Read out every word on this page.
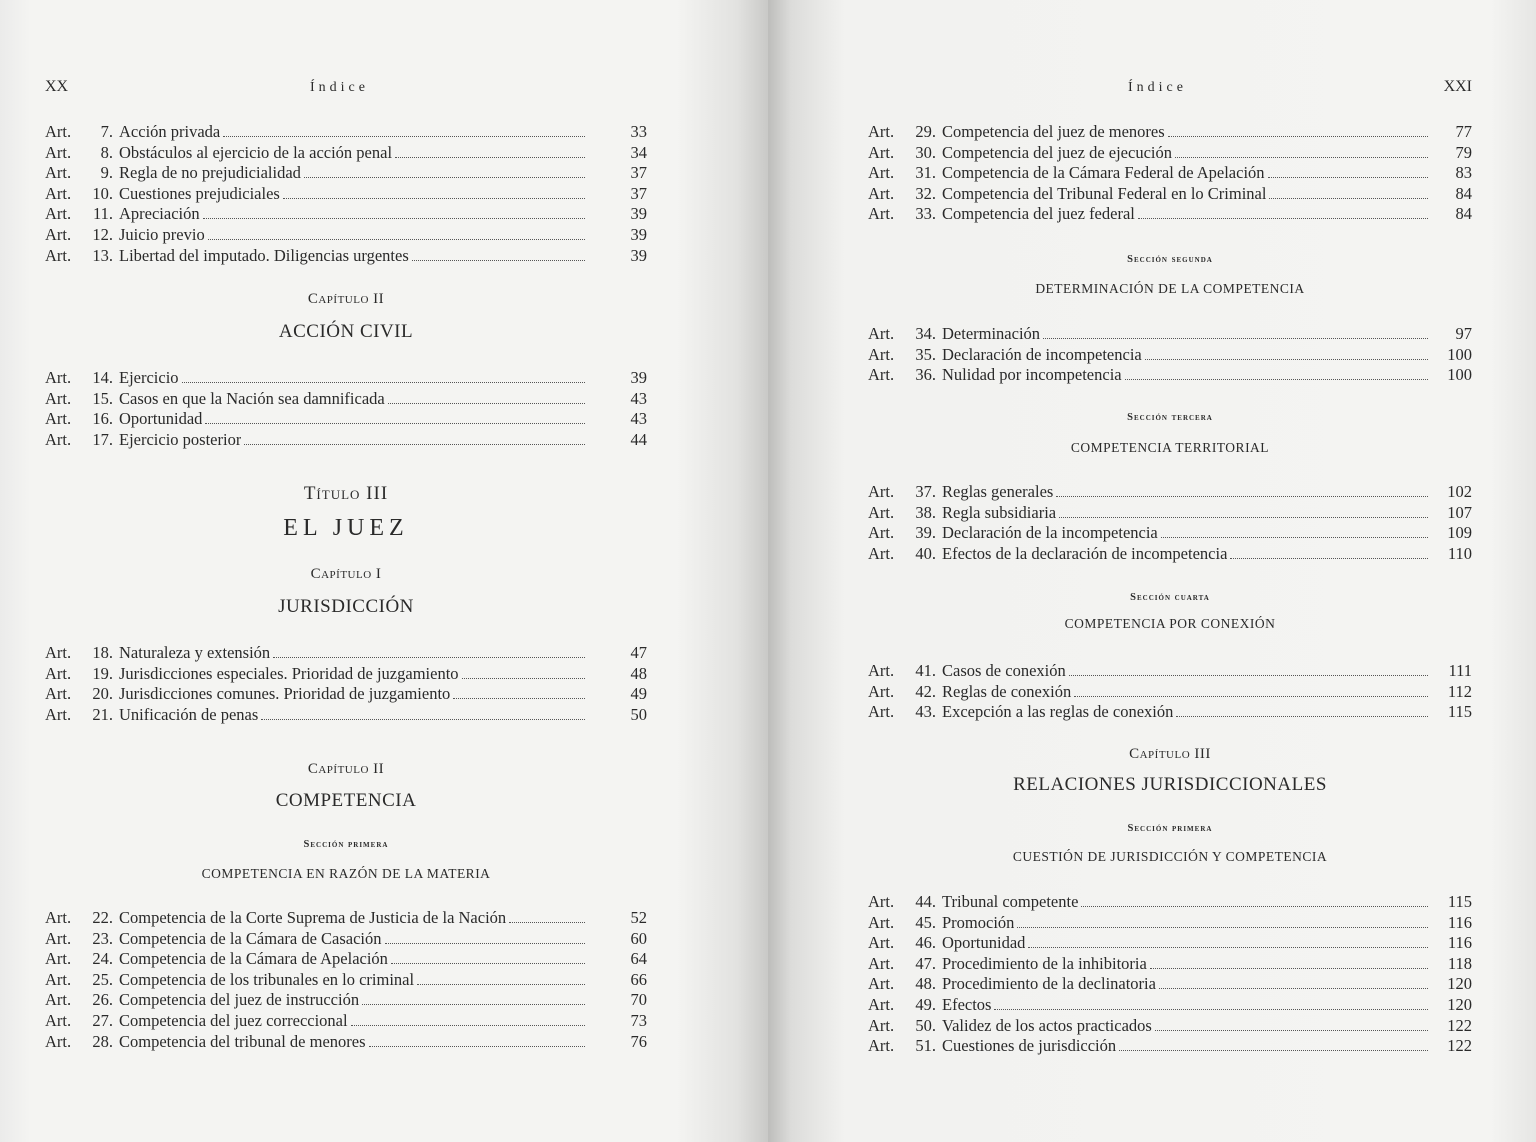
XX	Índice
Art.	7. Acción privada	33
Art.	8. Obstáculos al ejercicio de la acción penal	34
Art.	9. Regla de no prejudicialidad	37
Art.	10. Cuestiones prejudiciales	37
Art.	11. Apreciación	39
Art.	12. Juicio previo	39
Art.	13. Libertad del imputado. Diligencias urgentes	39
Capítulo II
ACCIÓN CIVIL
Art.	14. Ejercicio	39
Art.	15. Casos en que la Nación sea damnificada	43
Art.	16. Oportunidad	43
Art.	17. Ejercicio posterior	44
Título III
EL JUEZ
Capítulo I
JURISDICCIÓN
Art.	18. Naturaleza y extensión	47
Art.	19. Jurisdicciones especiales. Prioridad de juzgamiento	48
Art.	20. Jurisdicciones comunes. Prioridad de juzgamiento	49
Art.	21. Unificación de penas	50
Capítulo II
COMPETENCIA
Sección primera
COMPETENCIA EN RAZÓN DE LA MATERIA
Art.	22. Competencia de la Corte Suprema de Justicia de la Nación	52
Art.	23. Competencia de la Cámara de Casación	60
Art.	24. Competencia de la Cámara de Apelación	64
Art.	25. Competencia de los tribunales en lo criminal	66
Art.	26. Competencia del juez de instrucción	70
Art.	27. Competencia del juez correccional	73
Art.	28. Competencia del tribunal de menores	76
Índice	XXI
Art.	29. Competencia del juez de menores	77
Art.	30. Competencia del juez de ejecución	79
Art.	31. Competencia de la Cámara Federal de Apelación	83
Art.	32. Competencia del Tribunal Federal en lo Criminal	84
Art.	33. Competencia del juez federal	84
Sección segunda
DETERMINACIÓN DE LA COMPETENCIA
Art.	34. Determinación	97
Art.	35. Declaración de incompetencia	100
Art.	36. Nulidad por incompetencia	100
Sección tercera
COMPETENCIA TERRITORIAL
Art.	37. Reglas generales	102
Art.	38. Regla subsidiaria	107
Art.	39. Declaración de la incompetencia	109
Art.	40. Efectos de la declaración de incompetencia	110
Sección cuarta
COMPETENCIA POR CONEXIÓN
Art.	41. Casos de conexión	111
Art.	42. Reglas de conexión	112
Art.	43. Excepción a las reglas de conexión	115
Capítulo III
RELACIONES JURISDICCIONALES
Sección primera
CUESTIÓN DE JURISDICCIÓN Y COMPETENCIA
Art.	44. Tribunal competente	115
Art.	45. Promoción	116
Art.	46. Oportunidad	116
Art.	47. Procedimiento de la inhibitoria	118
Art.	48. Procedimiento de la declinatoria	120
Art.	49. Efectos	120
Art.	50. Validez de los actos practicados	122
Art.	51. Cuestiones de jurisdicción	122
